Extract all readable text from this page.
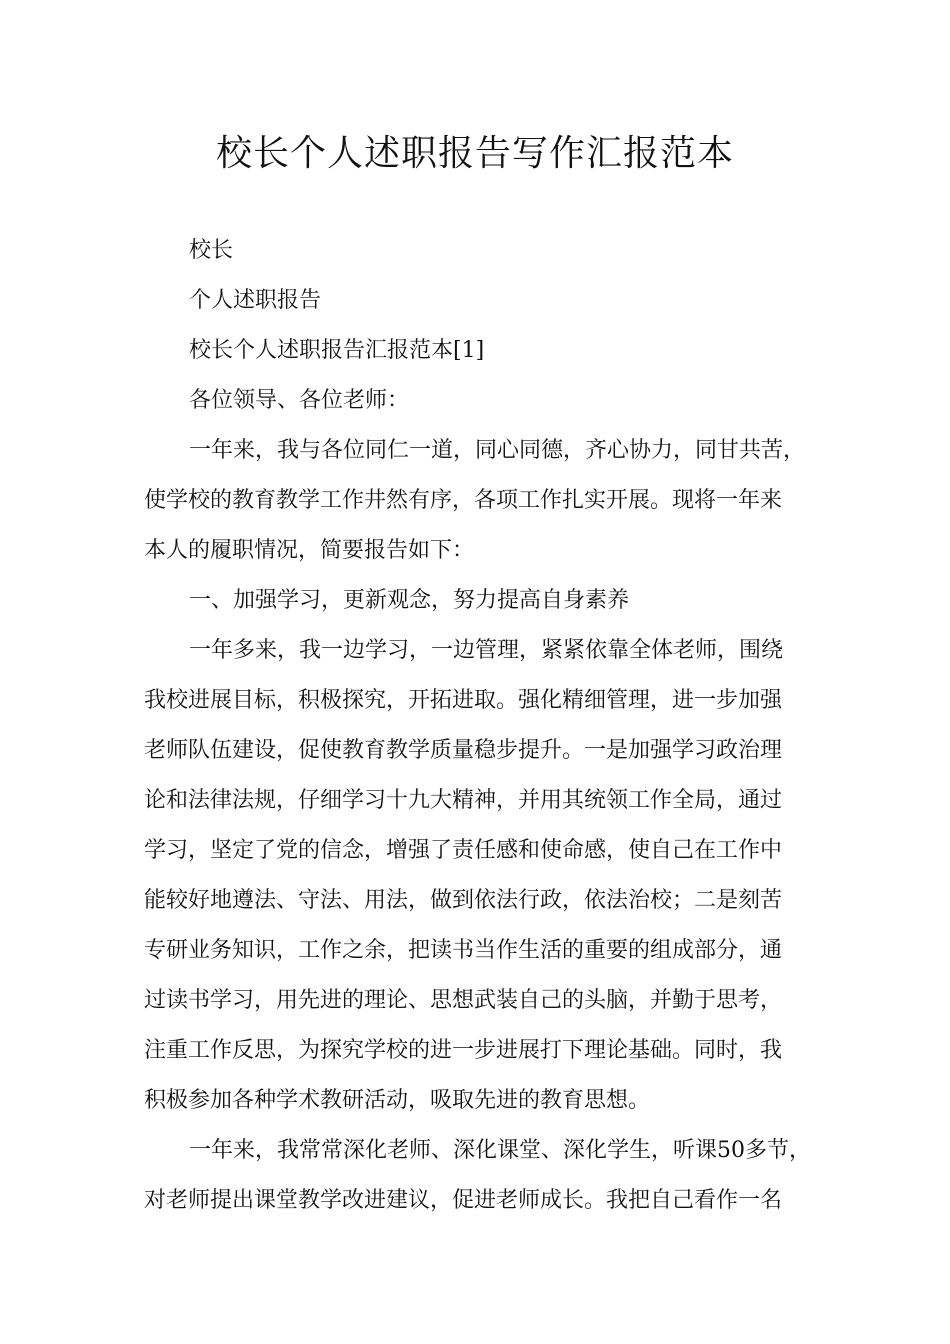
校长个人述职报告写作汇报范本
校长
个人述职报告
校长个人述职报告汇报范本[1]
各位领导、各位老师：
一年来，我与各位同仁一道，同心同德，齐心协力，同甘共苦，
使学校的教育教学工作井然有序，各项工作扎实开展。现将一年来
本人的履职情况，简要报告如下：
一、加强学习，更新观念，努力提高自身素养
一年多来，我一边学习，一边管理，紧紧依靠全体老师，围绕
我校进展目标，积极探究，开拓进取。强化精细管理，进一步加强
老师队伍建设，促使教育教学质量稳步提升。一是加强学习政治理
论和法律法规，仔细学习十九大精神，并用其统领工作全局，通过
学习，坚定了党的信念，增强了责任感和使命感，使自己在工作中
能较好地遵法、守法、用法，做到依法行政，依法治校；二是刻苦
专研业务知识，工作之余，把读书当作生活的重要的组成部分，通
过读书学习，用先进的理论、思想武装自己的头脑，并勤于思考，
注重工作反思，为探究学校的进一步进展打下理论基础。同时，我
积极参加各种学术教研活动，吸取先进的教育思想。
一年来，我常常深化老师、深化课堂、深化学生，听课50多节，
对老师提出课堂教学改进建议，促进老师成长。我把自己看作一名
